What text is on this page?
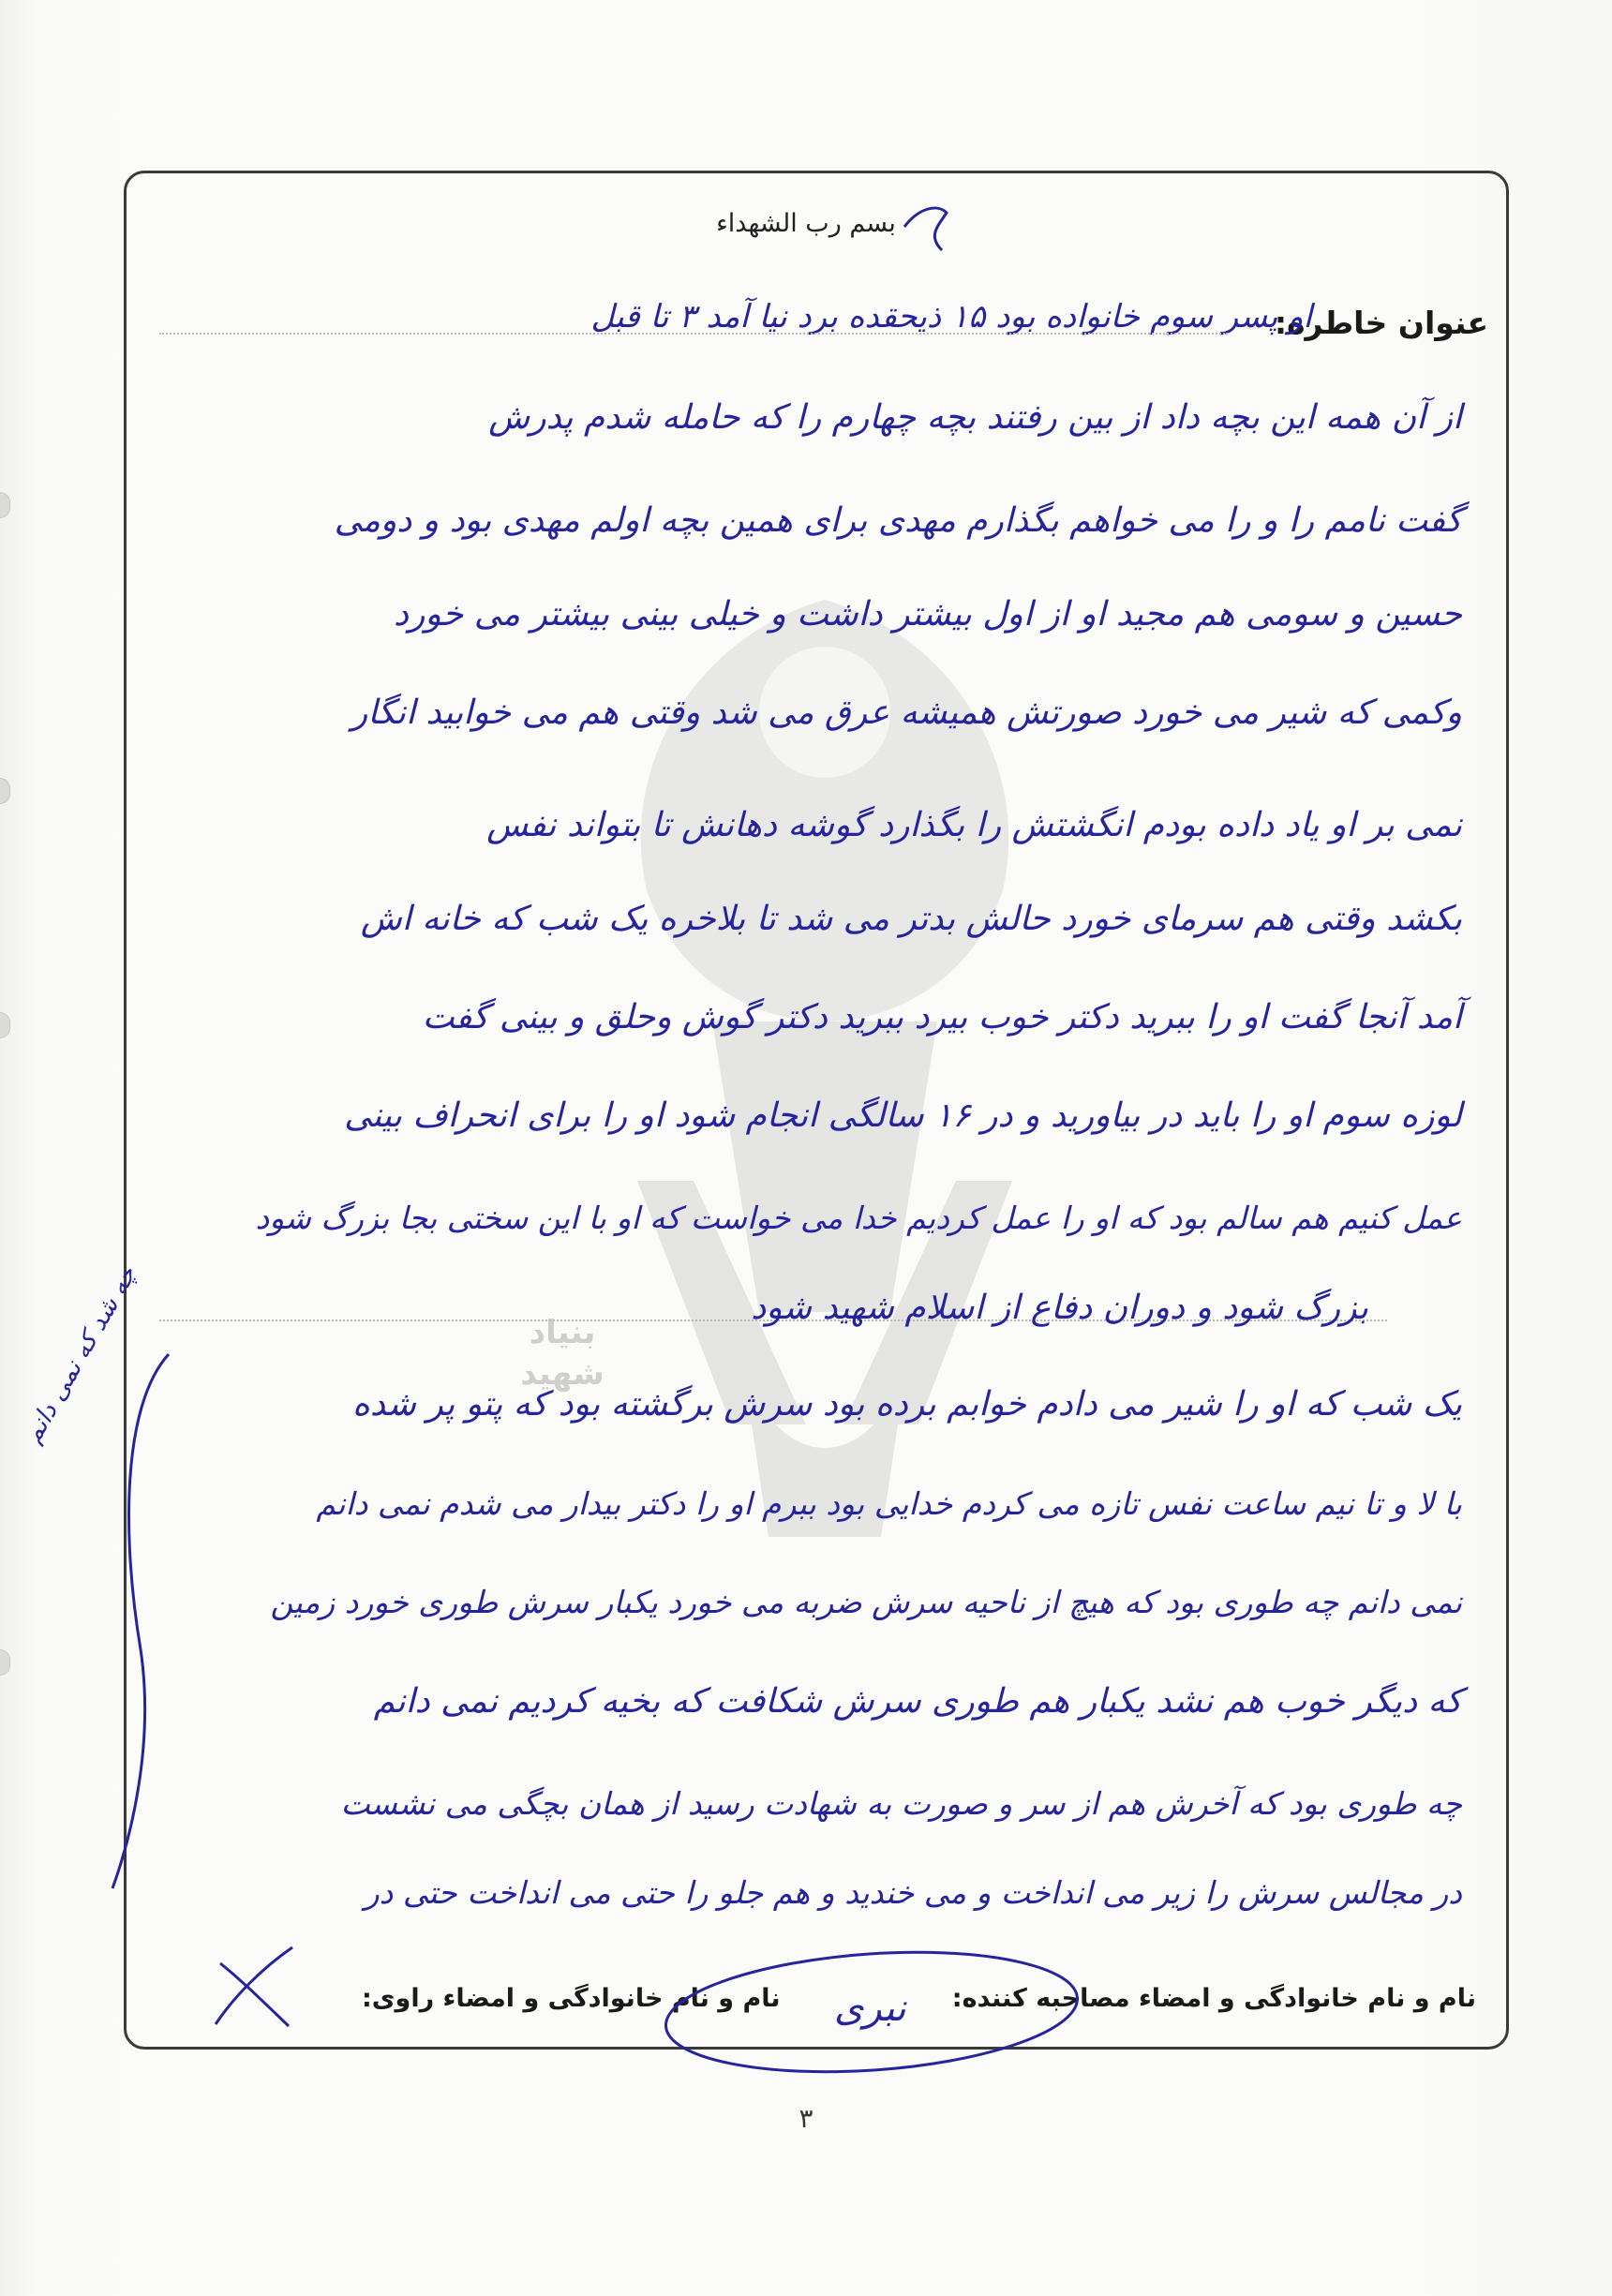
بنیاد
شهید
بسم رب الشهداء
عنوان خاطره:
او پسر سوم خانواده بود ۱۵ ذیحقده برد نیا آمد ۳ تا قبل
از آن همه این بچه داد از بین رفتند بچه چهارم را که حامله شدم پدرش
گفت نامم را و را می خواهم بگذارم مهدی برای همین بچه اولم مهدی بود و دومی
حسین و سومی هم مجید او از اول بیشتر داشت و خیلی بینی بیشتر می خورد
وکمی که شیر می خورد صورتش همیشه عرق می شد وقتی هم می خوابید انگار
نمی بر او یاد داده بودم انگشتش را بگذارد گوشه دهانش تا بتواند نفس
بکشد وقتی هم سرمای خورد حالش بدتر می شد تا بلاخره یک شب که خانه اش
آمد آنجا گفت او را ببرید دکتر خوب بیرد ببرید دکتر گوش وحلق و بینی گفت
لوزه سوم او را باید در بیاورید و در ۱۶ سالگی انجام شود او را برای انحراف بینی
عمل کنیم هم سالم بود که او را عمل کردیم خدا می خواست که او با این سختی بجا بزرگ شود
بزرگ شود و دوران دفاع از اسلام شهید شود
یک شب که او را شیر می دادم خوابم برده بود سرش برگشته بود که پتو پر شده
با لا و تا نیم ساعت نفس تازه می کردم خدایی بود ببرم او را دکتر بیدار می شدم نمی دانم
نمی دانم چه طوری بود که هیچ از ناحیه سرش ضربه می خورد یکبار سرش طوری خورد زمین
که دیگر خوب هم نشد یکبار هم طوری سرش شکافت که بخیه کردیم نمی دانم
چه طوری بود که آخرش هم از سر و صورت به شهادت رسید از همان بچگی می نشست
در مجالس سرش را زیر می انداخت و می خندید و هم جلو را حتی می انداخت حتی در
چه شد که نمی دانم
نام و نام خانوادگی و امضاء مصاحبه کننده:
نام و نام خانوادگی و امضاء راوی: نبری
۳
